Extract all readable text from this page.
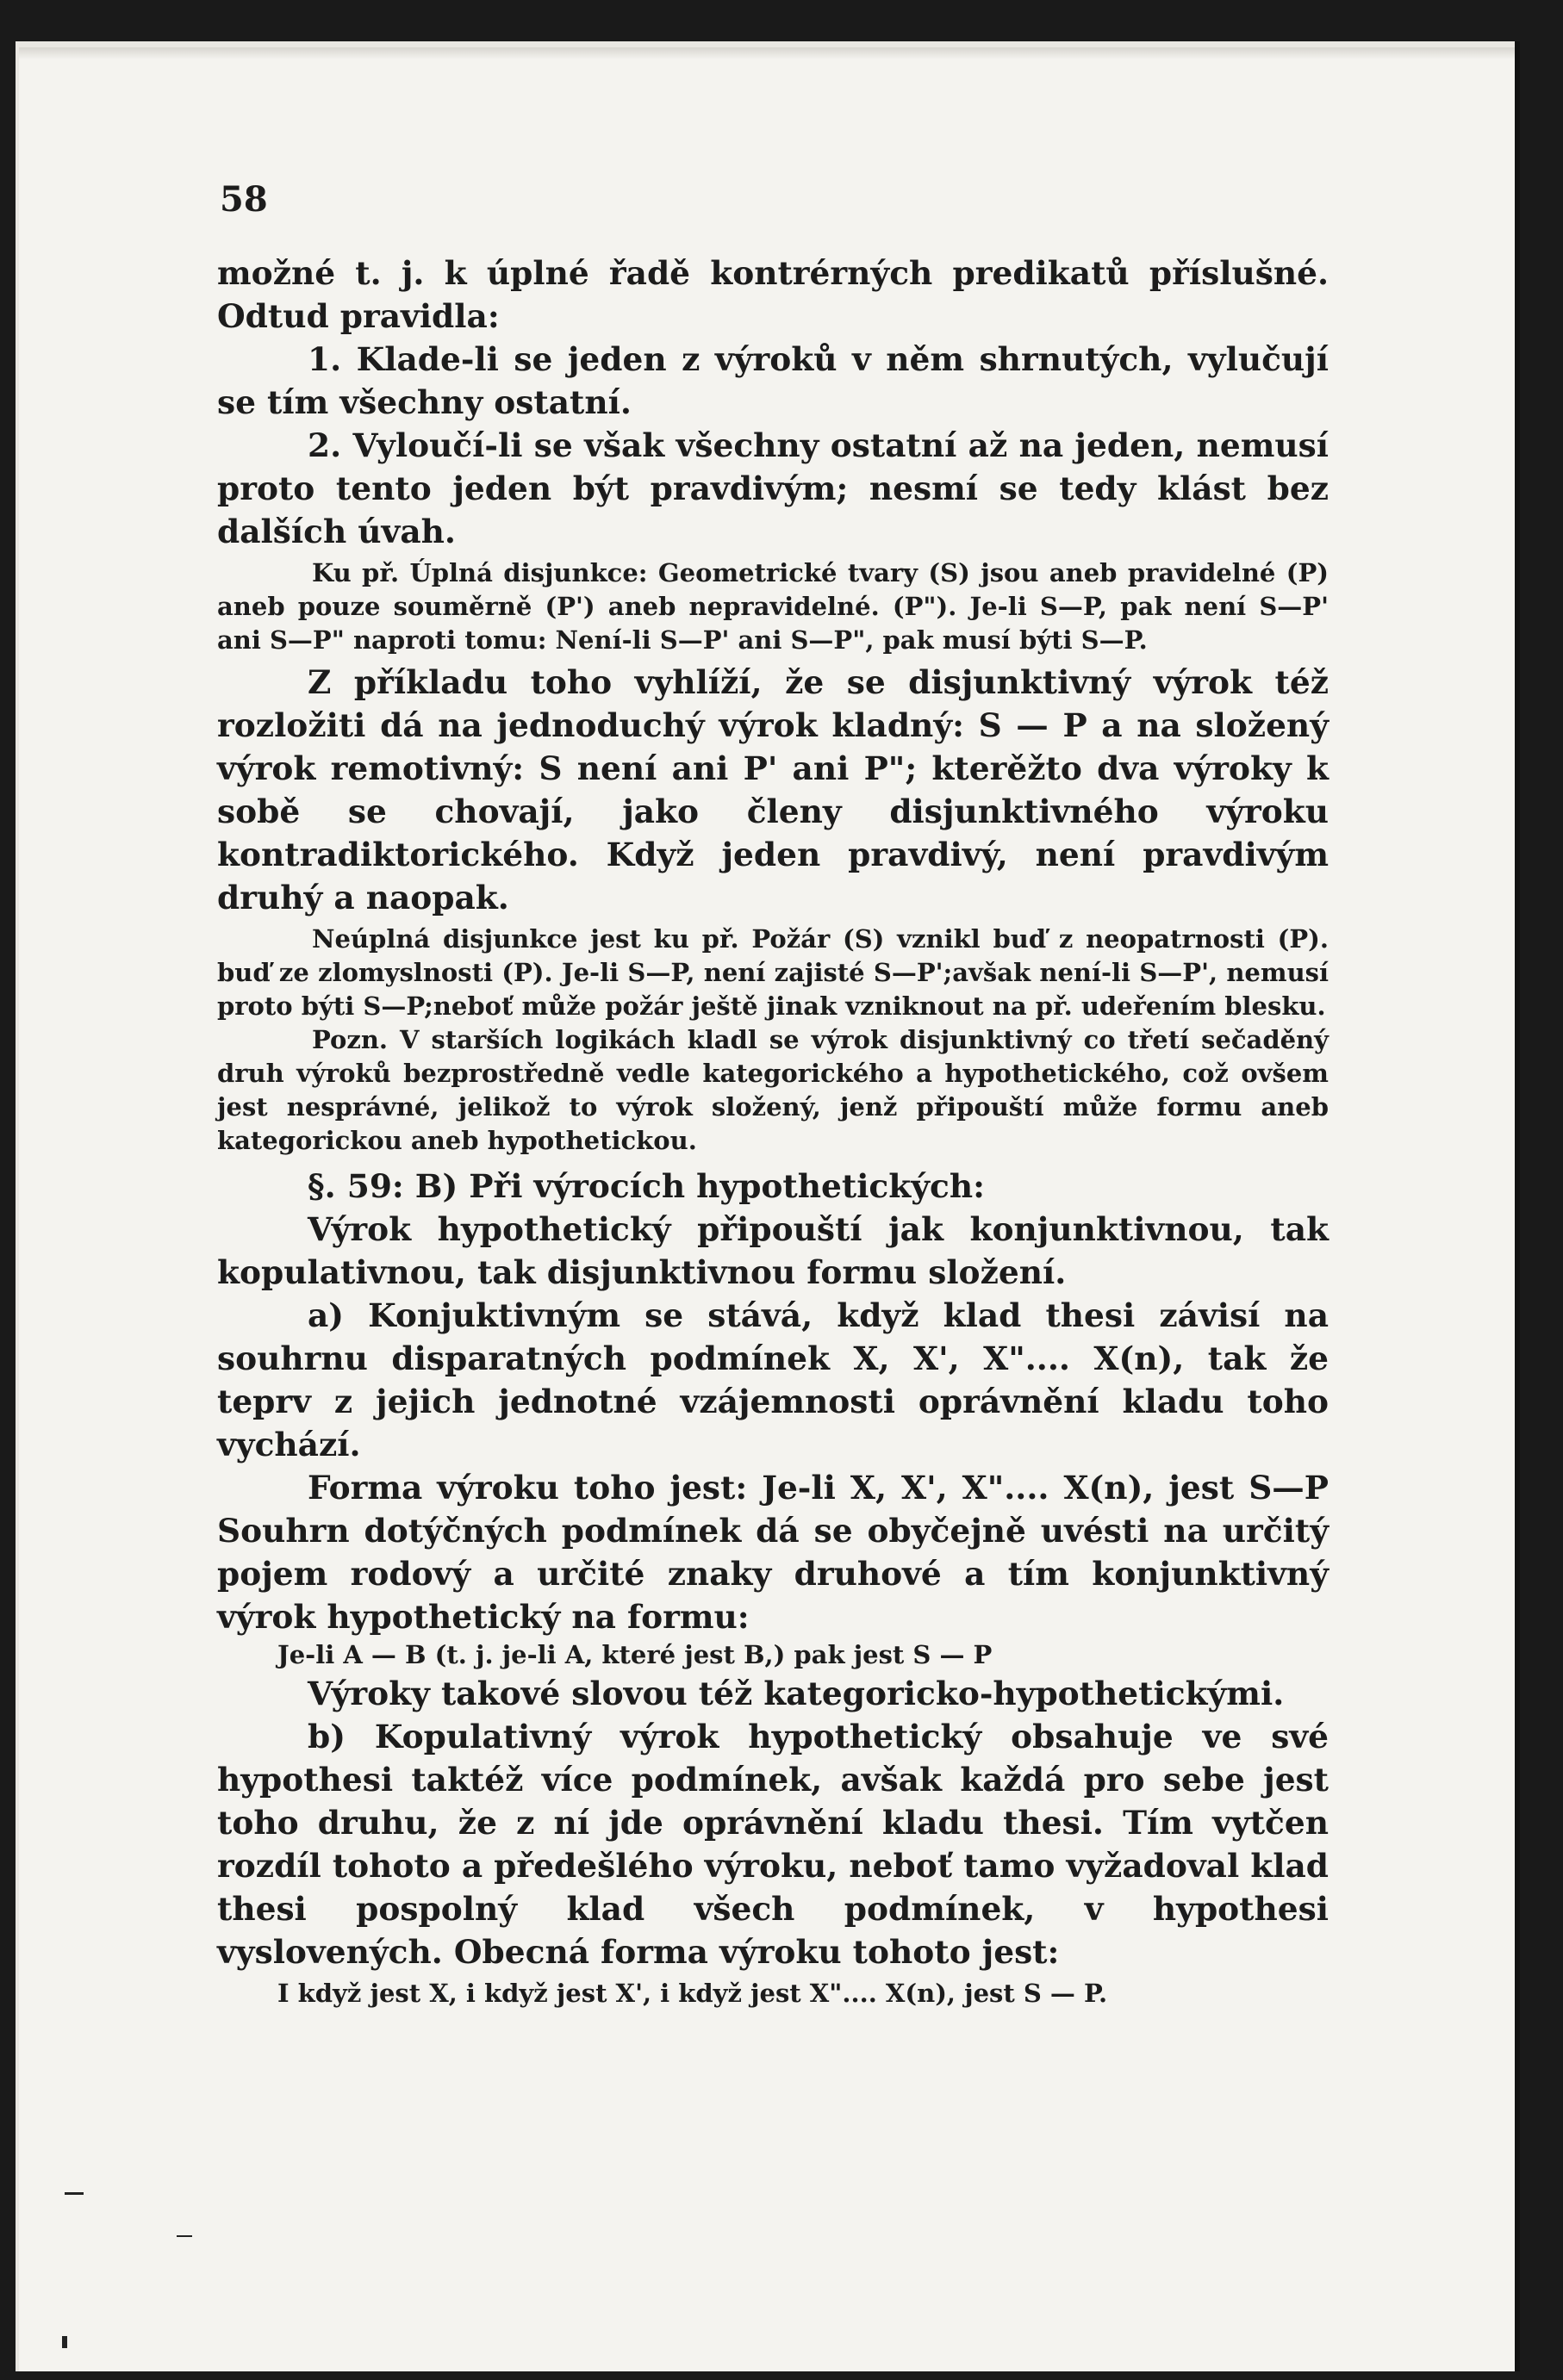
58

možné t. j. k úplné řadě kontrérných predikatů příslušné. Odtud pravidla:

1. Klade-li se jeden z výroků v něm shrnutých, vylučují se tím všechny ostatní.

2. Vyloučí-li se však všechny ostatní až na jeden, nemusí proto tento jeden být pravdivým; nesmí se tedy klást bez dalších úvah.

Ku př. Úplná disjunkce: Geometrické tvary (S) jsou aneb pravidelné (P) aneb pouze souměrně (P') aneb nepravidelné. (P"). Je-li S—P, pak není S—P' ani S—P" naproti tomu: Není-li S—P' ani S—P", pak musí býti S—P.

Z příkladu toho vyhlíží, že se disjunktivný výrok též rozložiti dá na jednoduchý výrok kladný: S — P a na složený výrok remotivný: S není ani P' ani P"; kterěžto dva výroky k sobě se chovají, jako členy disjunktivného výroku kontradiktorického. Když jeden pravdivý, není pravdivým druhý a naopak.

Neúplná disjunkce jest ku př. Požár (S) vznikl buď z neopatrnosti (P). buď ze zlomyslnosti (P). Je-li S—P, není zajisté S—P';avšak není-li S—P', nemusí proto býti S—P;neboť může požár ještě jinak vzniknout na př. udeřením blesku.

Pozn. V starších logikách kladl se výrok disjunktivný co třetí sečaděný druh výroků bezprostředně vedle kategorického a hypothetického, což ovšem jest nesprávné, jelikož to výrok složený, jenž připouští může formu aneb kategorickou aneb hypothetickou.

§. 59: B) Při výrocích hypothetických:

Výrok hypothetický připouští jak konjunktivnou, tak kopulativnou, tak disjunktivnou formu složení.

a) Konjuktivným se stává, když klad thesi závisí na souhrnu disparatných podmínek X, X', X".... X(n), tak že teprv z jejich jednotné vzájemnosti oprávnění kladu toho vychází.

Forma výroku toho jest: Je-li X, X', X".... X(n), jest S—P Souhrn dotýčných podmínek dá se obyčejně uvésti na určitý pojem rodový a určité znaky druhové a tím konjunktivný výrok hypothetický na formu:

Je-li A — B (t. j. je-li A, které jest B,) pak jest S — P

Výroky takové slovou též kategoricko-hypothetickými.

b) Kopulativný výrok hypothetický obsahuje ve své hypothesi taktéž více podmínek, avšak každá pro sebe jest toho druhu, že z ní jde oprávnění kladu thesi. Tím vytčen rozdíl tohoto a předešlého výroku, neboť tamo vyžadoval klad thesi pospolný klad všech podmínek, v hypothesi vyslovených. Obecná forma výroku tohoto jest:

I když jest X, i když jest X', i když jest X".... X(n), jest S — P.
